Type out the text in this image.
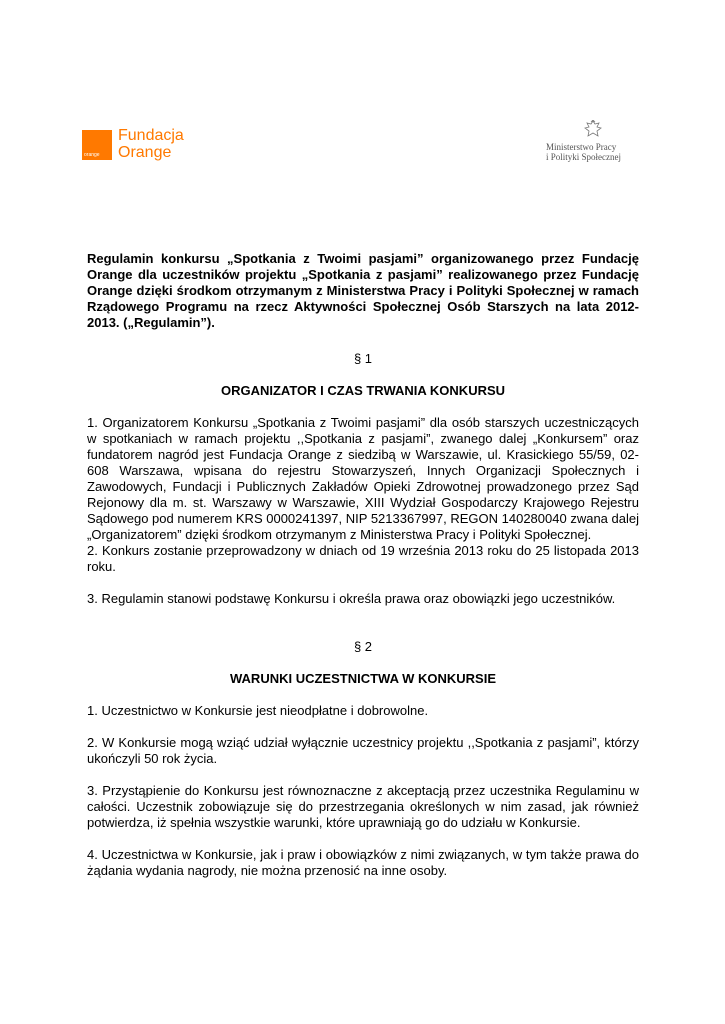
orange
Fundacja
Orange	Ministerstwo Pracy
i Polityki Społecznej

Regulamin konkursu „Spotkania z Twoimi pasjami” organizowanego przez Fundację Orange dla uczestników projektu „Spotkania z pasjami” realizowanego przez Fundację Orange dzięki środkom otrzymanym z Ministerstwa Pracy i Polityki Społecznej w ramach Rządowego Programu na rzecz Aktywności Społecznej Osób Starszych na lata 2012- 2013. („Regulamin”).

§ 1

ORGANIZATOR I CZAS TRWANIA KONKURSU

1. Organizatorem Konkursu „Spotkania z Twoimi pasjami” dla osób starszych uczestniczących w spotkaniach w ramach projektu ,,Spotkania z pasjami”, zwanego dalej „Konkursem” oraz fundatorem nagród jest Fundacja Orange z siedzibą w Warszawie, ul. Krasickiego 55/59, 02-608 Warszawa, wpisana do rejestru Stowarzyszeń, Innych Organizacji Społecznych i Zawodowych, Fundacji i Publicznych Zakładów Opieki Zdrowotnej prowadzonego przez Sąd Rejonowy dla m. st. Warszawy w Warszawie, XIII Wydział Gospodarczy Krajowego Rejestru Sądowego pod numerem KRS 0000241397, NIP 5213367997, REGON 140280040 zwana dalej „Organizatorem” dzięki środkom otrzymanym z Ministerstwa Pracy i Polityki Społecznej.

2. Konkurs zostanie przeprowadzony w dniach od 19 września 2013 roku do 25 listopada 2013 roku.

3. Regulamin stanowi podstawę Konkursu i określa prawa oraz obowiązki jego uczestników.

§ 2

WARUNKI UCZESTNICTWA W KONKURSIE

1. Uczestnictwo w Konkursie jest nieodpłatne i dobrowolne.

2. W Konkursie mogą wziąć udział wyłącznie uczestnicy projektu ,,Spotkania z pasjami”, którzy ukończyli 50 rok życia.

3. Przystąpienie do Konkursu jest równoznaczne z akceptacją przez uczestnika Regulaminu w całości. Uczestnik zobowiązuje się do przestrzegania określonych w nim zasad, jak również potwierdza, iż spełnia wszystkie warunki, które uprawniają go do udziału w Konkursie.

4. Uczestnictwa w Konkursie, jak i praw i obowiązków z nimi związanych, w tym także prawa do żądania wydania nagrody, nie można przenosić na inne osoby.
